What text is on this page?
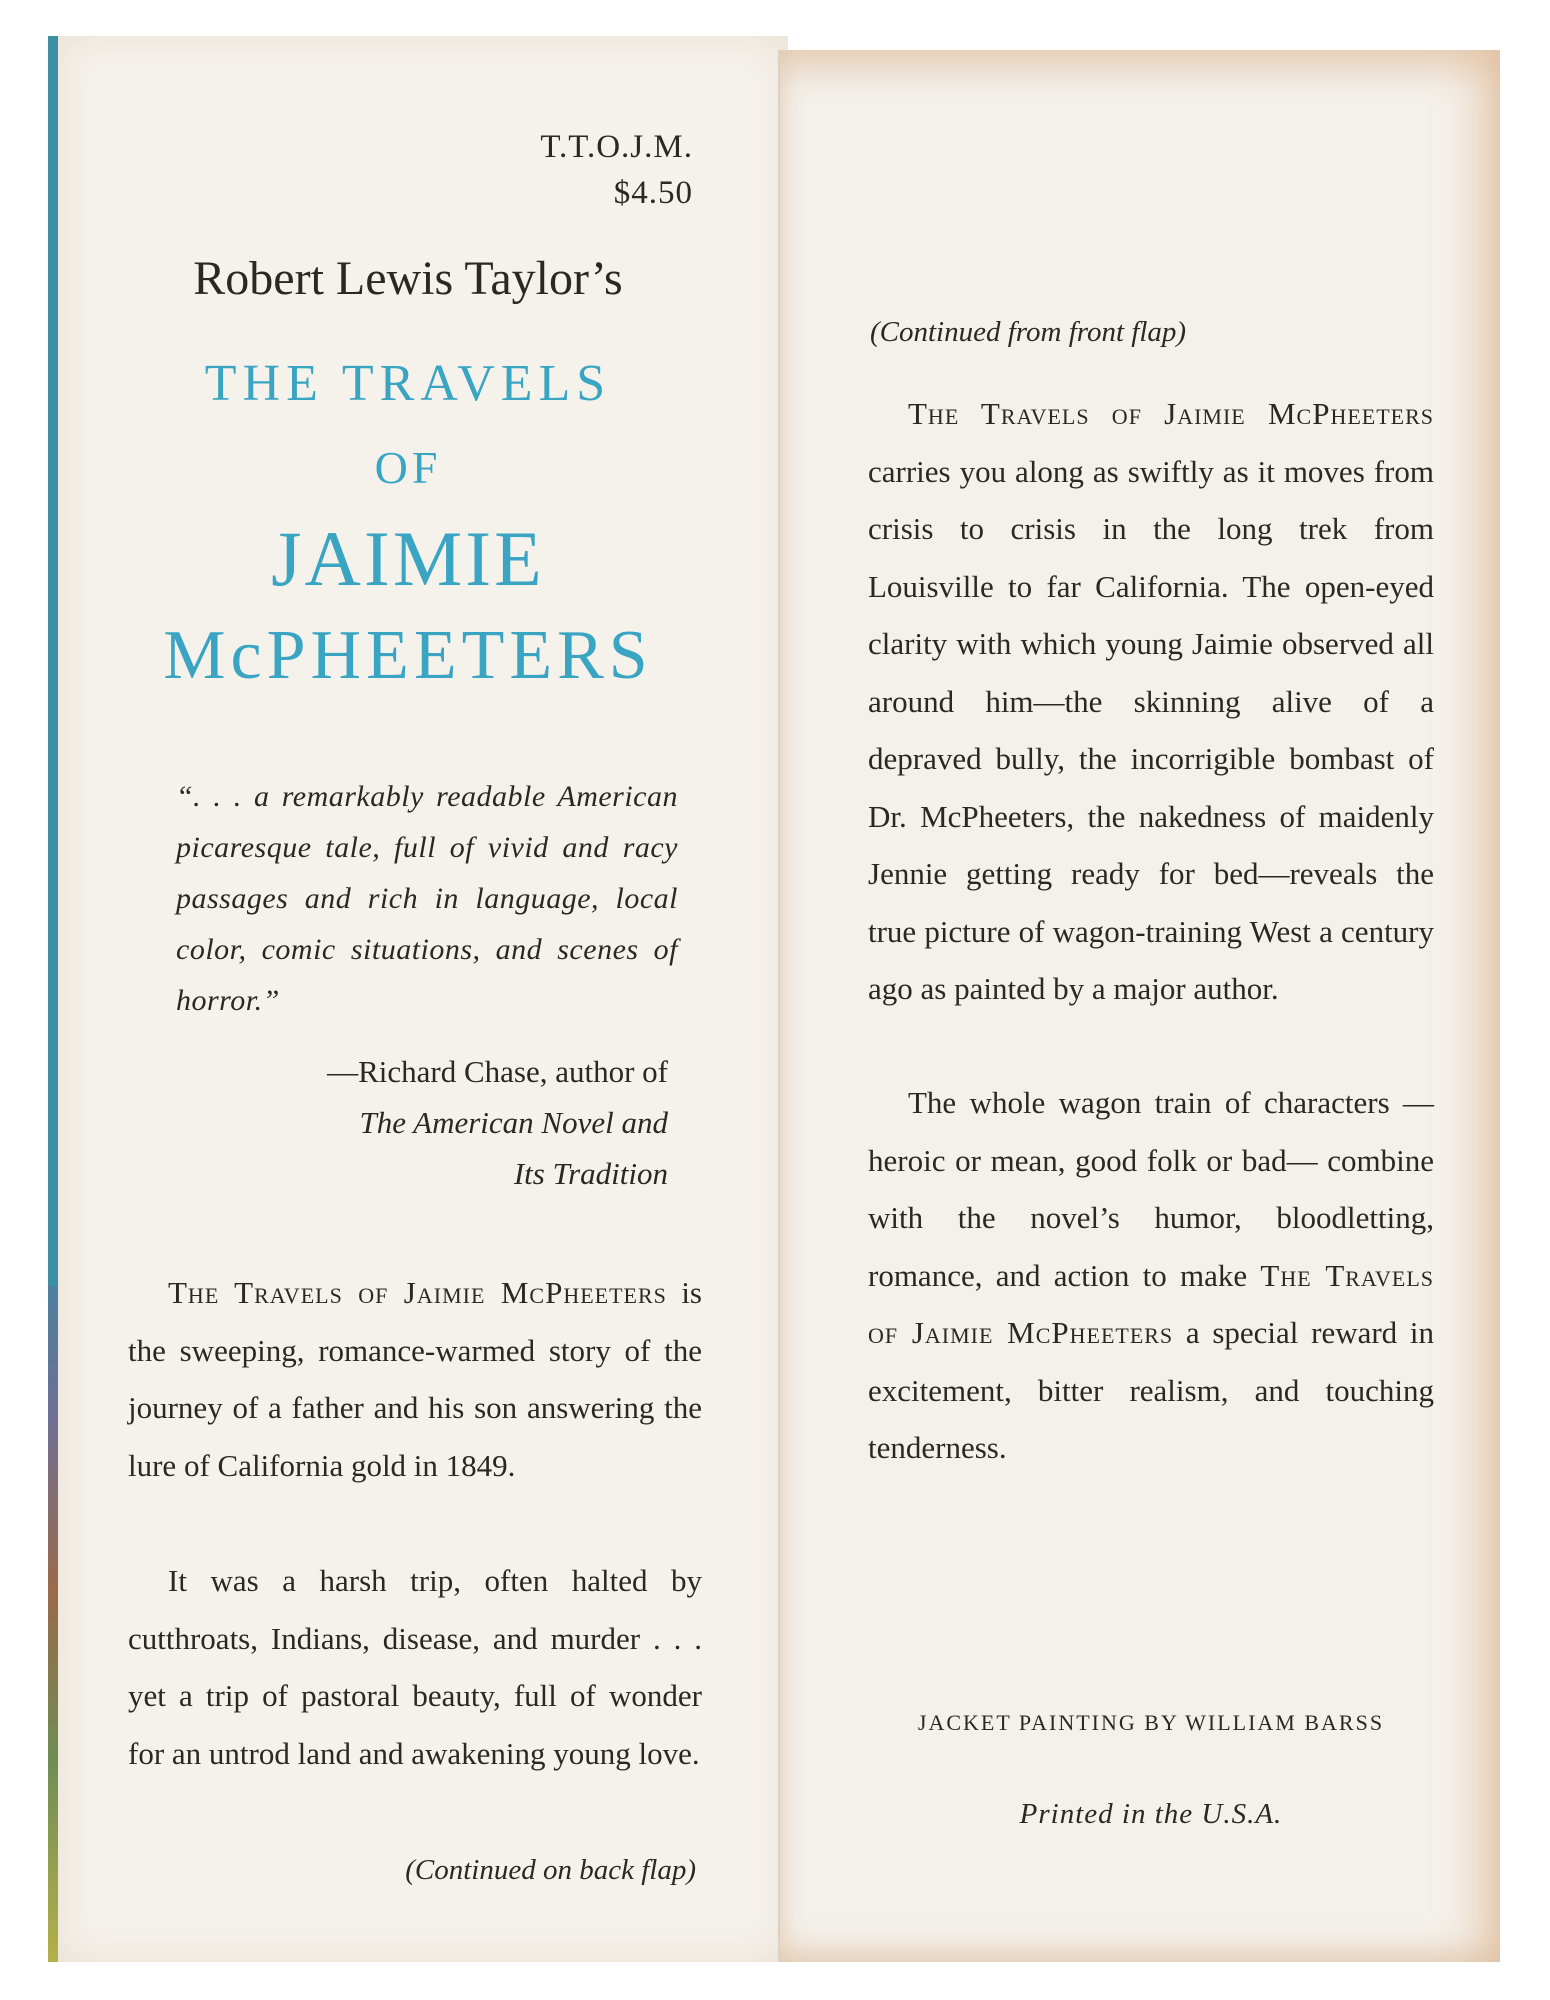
T.T.O.J.M.
$4.50
Robert Lewis Taylor’s
THE TRAVELS
OF
JAIMIE
McPHEETERS
“. . . a remarkably readable American picaresque tale, full of vivid and racy passages and rich in language, local color, comic situations, and scenes of horror.”
—Richard Chase, author of
The American Novel and
Its Tradition

The Travels of Jaimie McPheeters is the sweeping, romance-warmed story of the journey of a father and his son answering the lure of California gold in 1849.

It was a harsh trip, often halted by cutthroats, Indians, disease, and murder . . . yet a trip of pastoral beauty, full of wonder for an untrod land and awakening young love.

(Continued on back flap)
(Continued from front flap)

The Travels of Jaimie McPheeters carries you along as swiftly as it moves from crisis to crisis in the long trek from Louisville to far California. The open-eyed clarity with which young Jaimie observed all around him—the skinning alive of a depraved bully, the incorrigible bombast of Dr. McPheeters, the nakedness of maidenly Jennie getting ready for bed—reveals the true picture of wagon-training West a century ago as painted by a major author.

The whole wagon train of characters —heroic or mean, good folk or bad— combine with the novel’s humor, bloodletting, romance, and action to make The Travels of Jaimie McPheeters a special reward in excitement, bitter realism, and touching tenderness.

JACKET PAINTING BY WILLIAM BARSS
Printed in the U.S.A.
